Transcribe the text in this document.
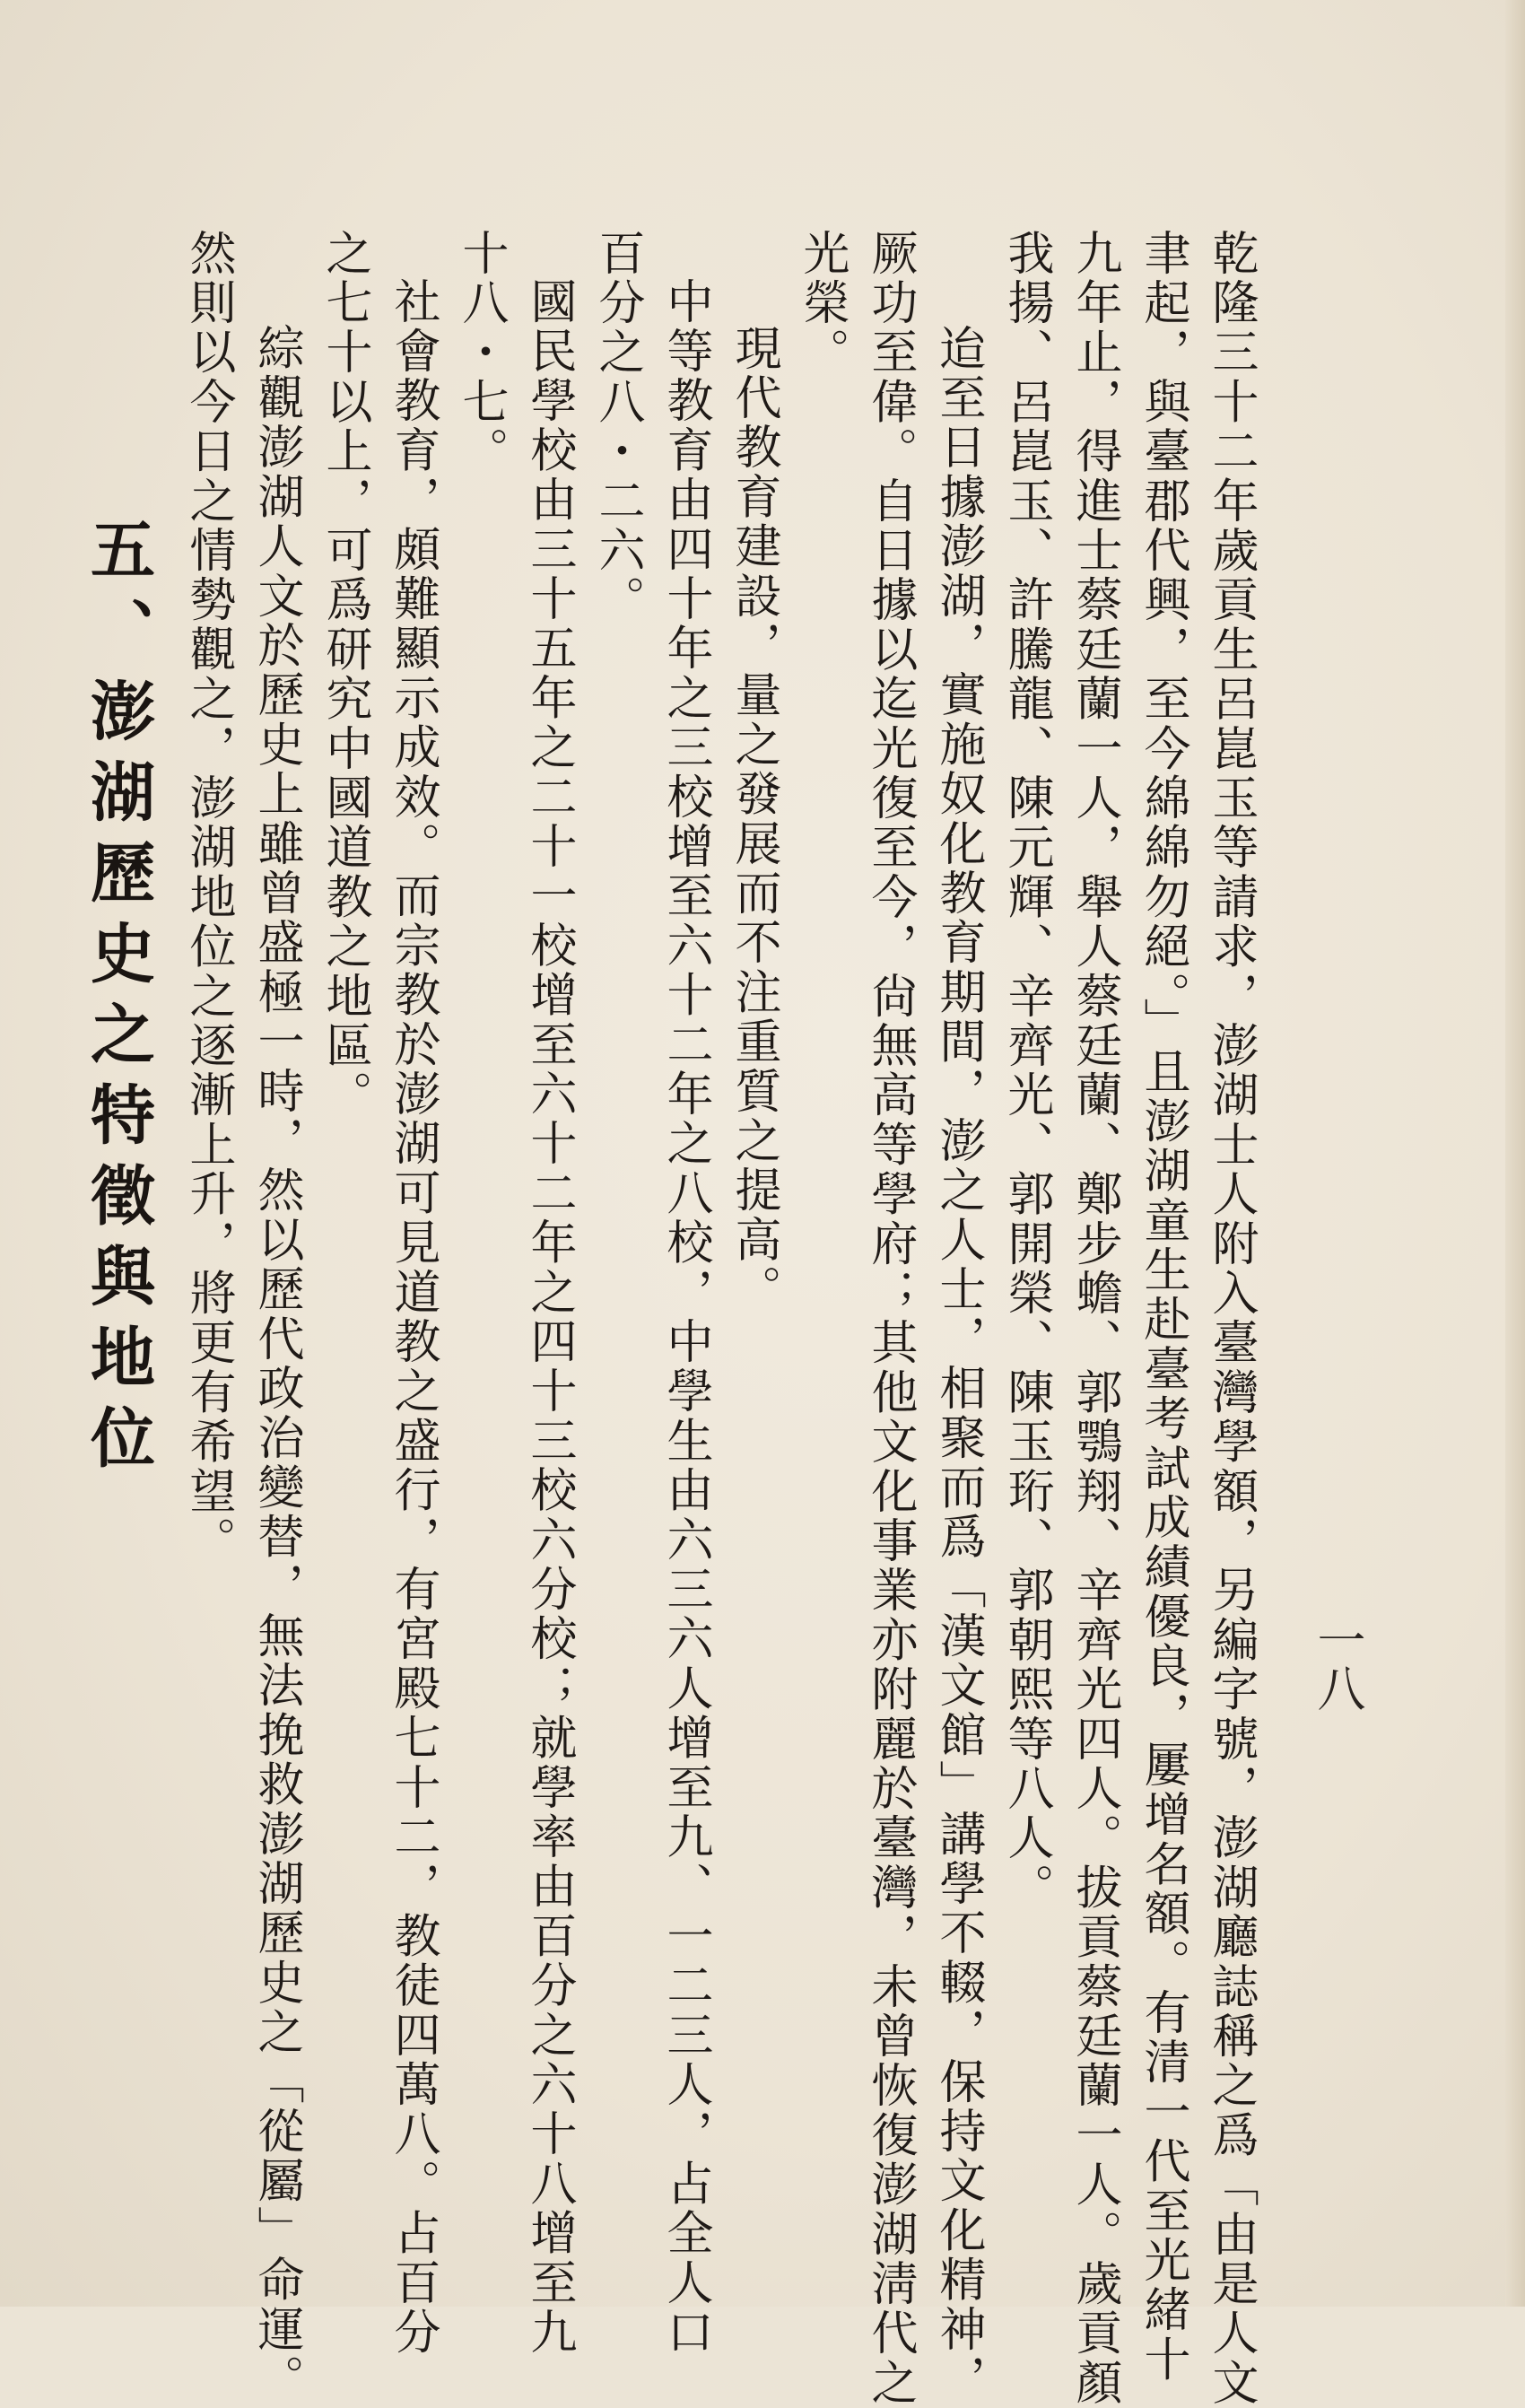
一八
乾隆三十二年歲貢生呂崑玉等請求，澎湖士人附入臺灣學額，另編字號，澎湖廳誌稱之爲「由是人文
聿起，與臺郡代興，至今綿綿勿絕。」且澎湖童生赴臺考試成績優良，屢增名額。有清一代至光緒十
九年止，得進士蔡廷蘭一人，舉人蔡廷蘭、鄭步蟾、郭鶚翔、辛齊光四人。拔貢蔡廷蘭一人。歲貢顏
我揚、呂崑玉、許騰龍、陳元輝、辛齊光、郭開榮、陳玉珩、郭朝熙等八人。
迨至日據澎湖，實施奴化教育期間，澎之人士，相聚而爲「漢文館」講學不輟，保持文化精神，
厥功至偉。自日據以迄光復至今，尙無高等學府；其他文化事業亦附麗於臺灣，未曾恢復澎湖淸代之
光榮。
現代教育建設，量之發展而不注重質之提高。
中等教育由四十年之三校增至六十二年之八校，中學生由六三六人增至九、一二三人，占全人口
百分之八・二六。
國民學校由三十五年之二十一校增至六十二年之四十三校六分校；就學率由百分之六十八增至九
十八・七。
社會教育，頗難顯示成效。而宗教於澎湖可見道教之盛行，有宮殿七十二，教徒四萬八。占百分
之七十以上，可爲研究中國道教之地區。
綜觀澎湖人文於歷史上雖曾盛極一時，然以歷代政治變替，無法挽救澎湖歷史之「從屬」命運。
然則以今日之情勢觀之，澎湖地位之逐漸上升，將更有希望。
五、澎湖歷史之特徵與地位
